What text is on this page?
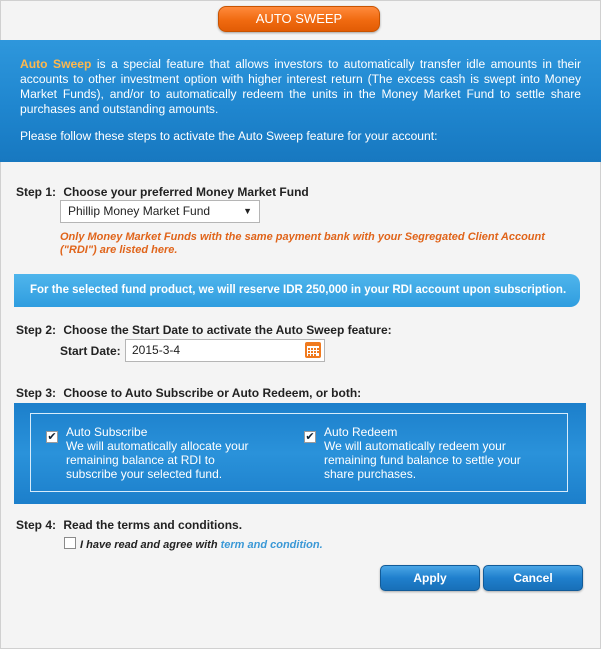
AUTO SWEEP

Auto Sweep is a special feature that allows investors to automatically transfer idle amounts in their accounts to other investment option with higher interest return (The excess cash is swept into Money Market Funds), and/or to automatically redeem the units in the Money Market Fund to settle share purchases and outstanding amounts.

Please follow these steps to activate the Auto Sweep feature for your account:

Step 1: Choose your preferred Money Market Fund
Phillip Money Market Fund	▼
Only Money Market Funds with the same payment bank with your Segregated Client Account ("RDI") are listed here.
For the selected fund product, we will reserve IDR 250,000 in your RDI account upon subscription.
Step 2: Choose the Start Date to activate the Auto Sweep feature:
Start Date: 2015-3-4
Step 3: Choose to Auto Subscribe or Auto Redeem, or both:
✔ Auto Subscribe
We will automatically allocate your remaining balance at RDI to subscribe your selected fund.
✔ Auto Redeem
We will automatically redeem your remaining fund balance to settle your share purchases.
Step 4: Read the terms and conditions.
I have read and agree with term and condition.
Apply	Cancel
